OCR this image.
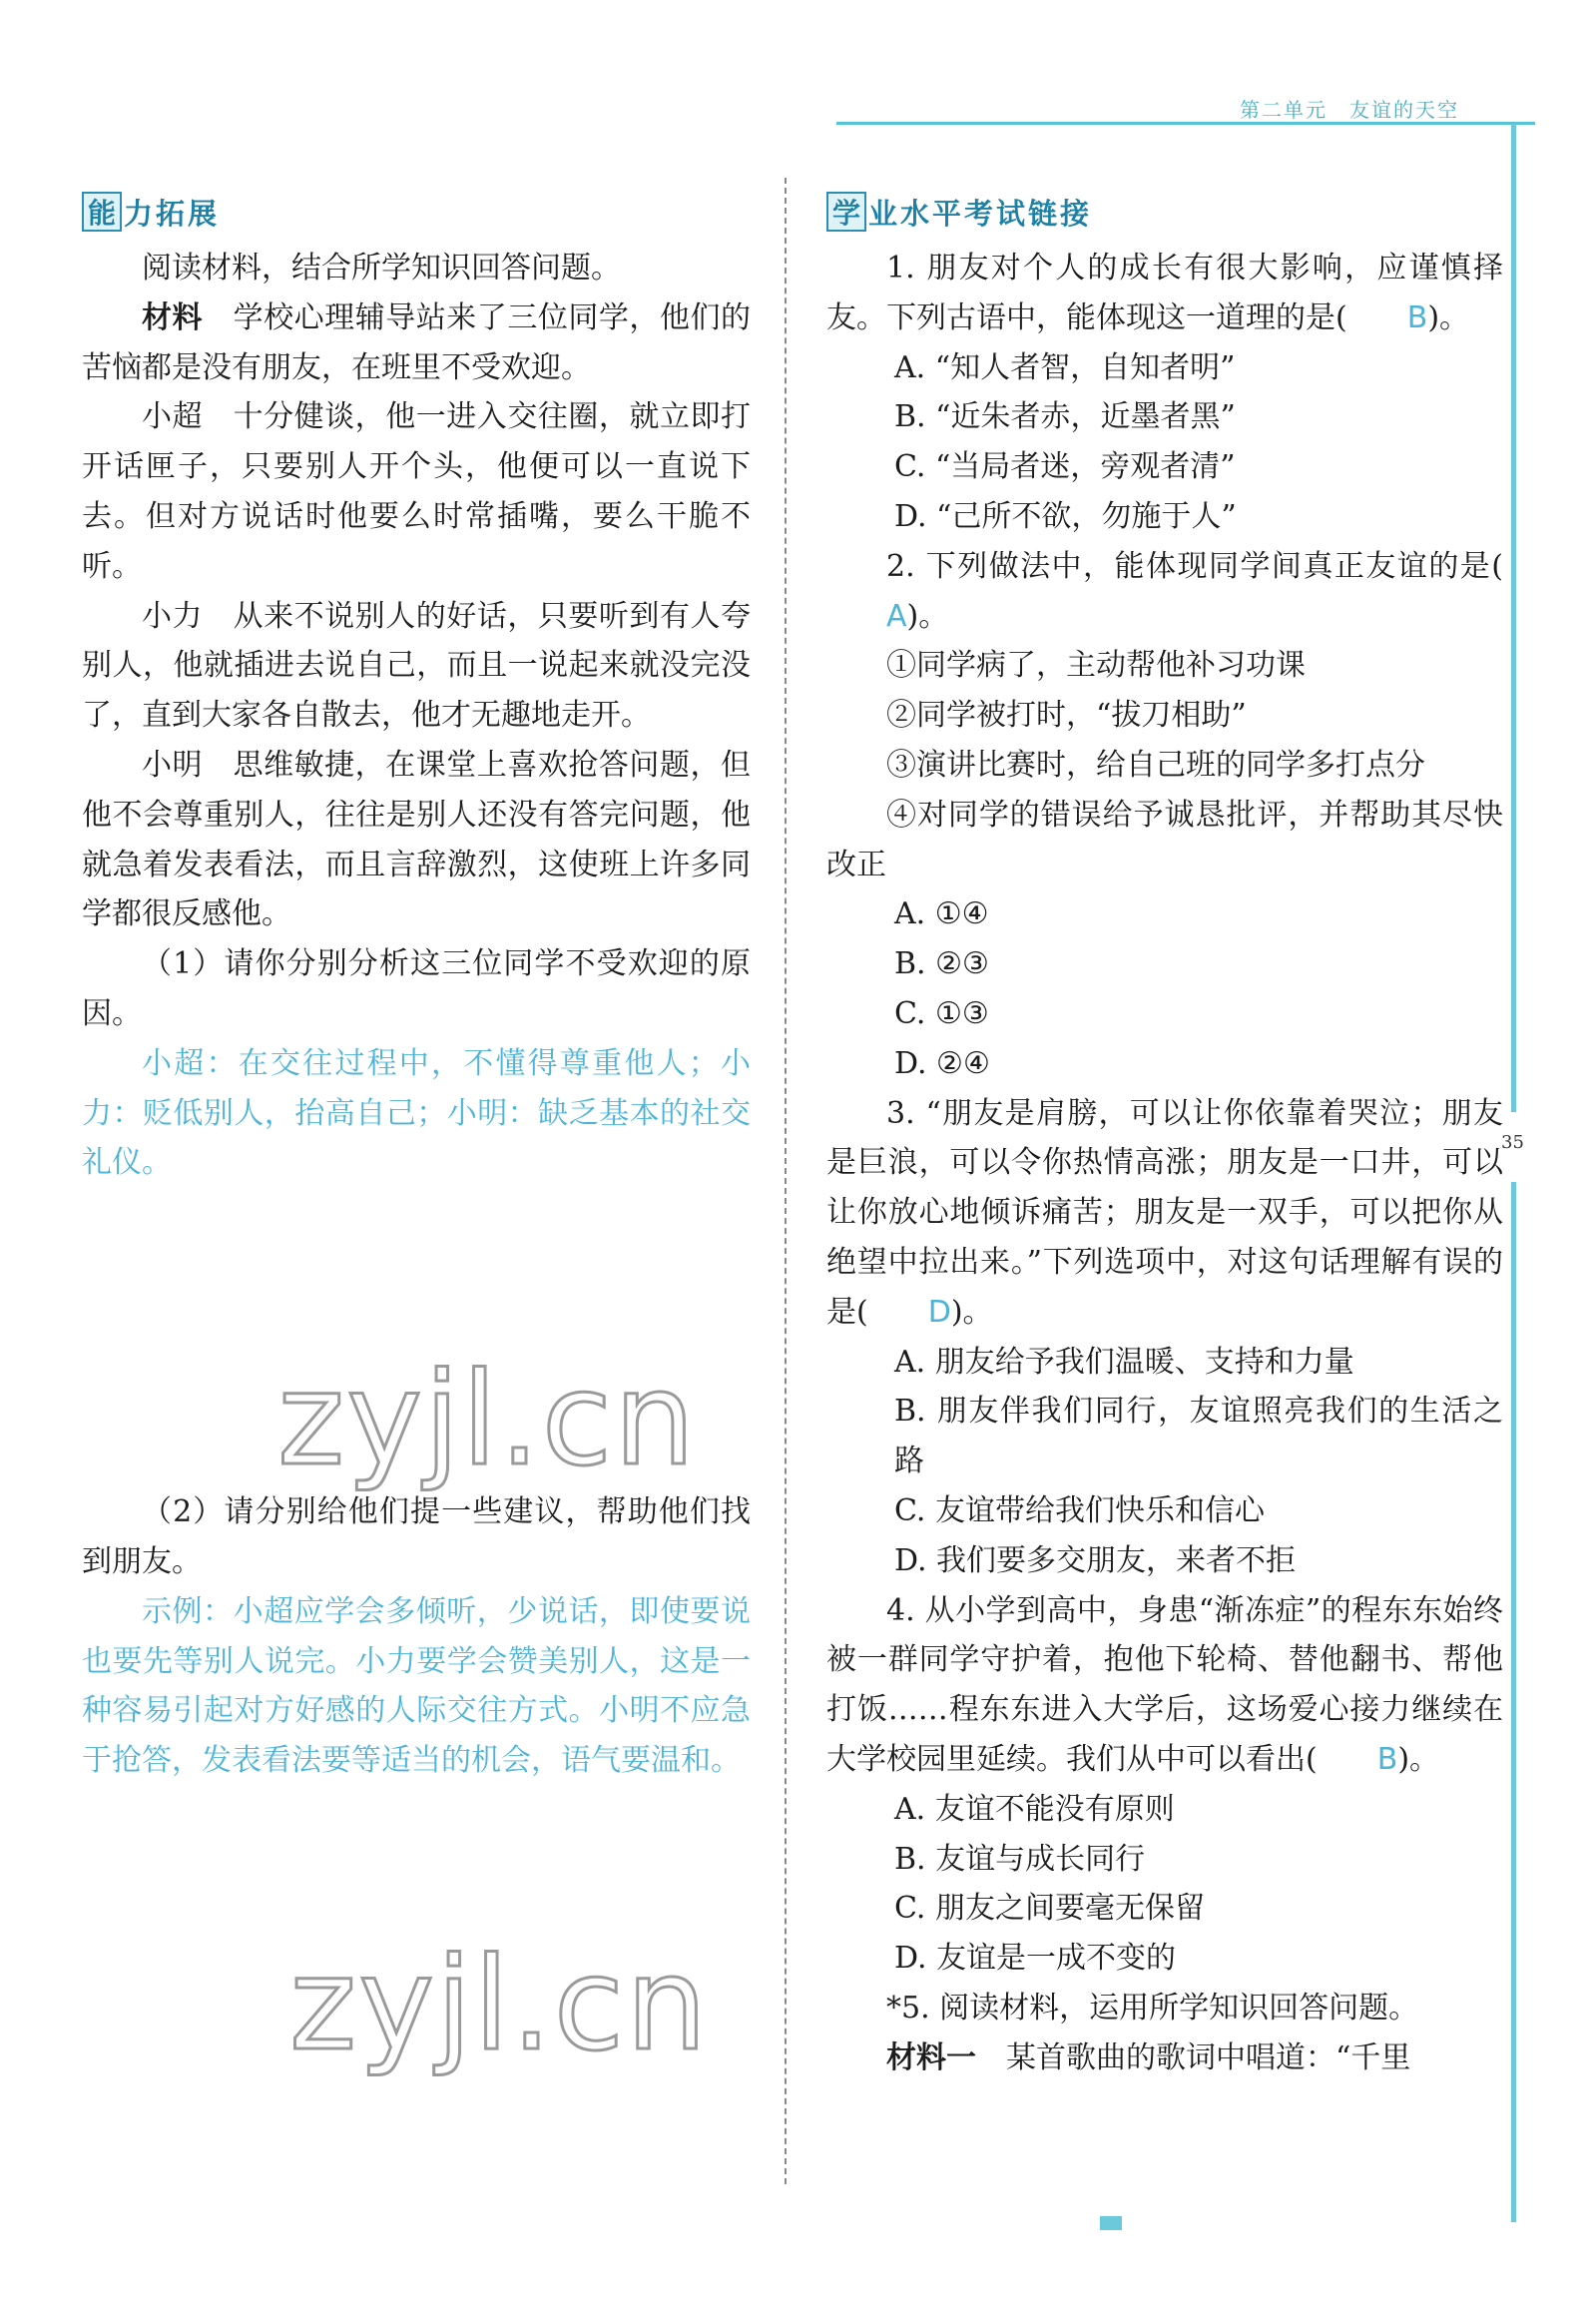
第二单元　友谊的天空
35
能 力拓展

阅读材料，结合所学知识回答问题。

材料　学校心理辅导站来了三位同学，他们的苦恼都是没有朋友，在班里不受欢迎。

小超　十分健谈，他一进入交往圈，就立即打开话匣子，只要别人开个头，他便可以一直说下去。但对方说话时他要么时常插嘴，要么干脆不听。

小力　从来不说别人的好话，只要听到有人夸别人，他就插进去说自己，而且一说起来就没完没了，直到大家各自散去，他才无趣地走开。

小明　思维敏捷，在课堂上喜欢抢答问题，但他不会尊重别人，往往是别人还没有答完问题，他就急着发表看法，而且言辞激烈，这使班上许多同学都很反感他。

（1）请你分别分析这三位同学不受欢迎的原因。

小超：在交往过程中，不懂得尊重他人；小力：贬低别人，抬高自己；小明：缺乏基本的社交礼仪。

（2）请分别给他们提一些建议，帮助他们找到朋友。

示例：小超应学会多倾听，少说话，即使要说也要先等别人说完。小力要学会赞美别人，这是一种容易引起对方好感的人际交往方式。小明不应急于抢答，发表看法要等适当的机会，语气要温和。

学 业水平考试链接

1. 朋友对个人的成长有很大影响，应谨慎择友。下列古语中，能体现这一道理的是( B)。

A. “知人者智，自知者明”

B. “近朱者赤，近墨者黑”

C. “当局者迷，旁观者清”

D. “己所不欲，勿施于人”

2. 下列做法中，能体现同学间真正友谊的是(A)。

①同学病了，主动帮他补习功课

②同学被打时，“拔刀相助”

③演讲比赛时，给自己班的同学多打点分

④对同学的错误给予诚恳批评，并帮助其尽快改正

A. ①④

B. ②③

C. ①③

D. ②④

3. “朋友是肩膀，可以让你依靠着哭泣；朋友是巨浪，可以令你热情高涨；朋友是一口井，可以让你放心地倾诉痛苦；朋友是一双手，可以把你从绝望中拉出来。”下列选项中，对这句话理解有误的是( D)。

A. 朋友给予我们温暖、支持和力量

B. 朋友伴我们同行，友谊照亮我们的生活之路

C. 友谊带给我们快乐和信心

D. 我们要多交朋友，来者不拒

4. 从小学到高中，身患“渐冻症”的程东东始终被一群同学守护着，抱他下轮椅、替他翻书、帮他打饭……程东东进入大学后，这场爱心接力继续在大学校园里延续。我们从中可以看出( B)。

A. 友谊不能没有原则

B. 友谊与成长同行

C. 朋友之间要毫无保留

D. 友谊是一成不变的

*5. 阅读材料，运用所学知识回答问题。

材料一　某首歌曲的歌词中唱道：“千里

zyjl.cn
zyjl.cn
